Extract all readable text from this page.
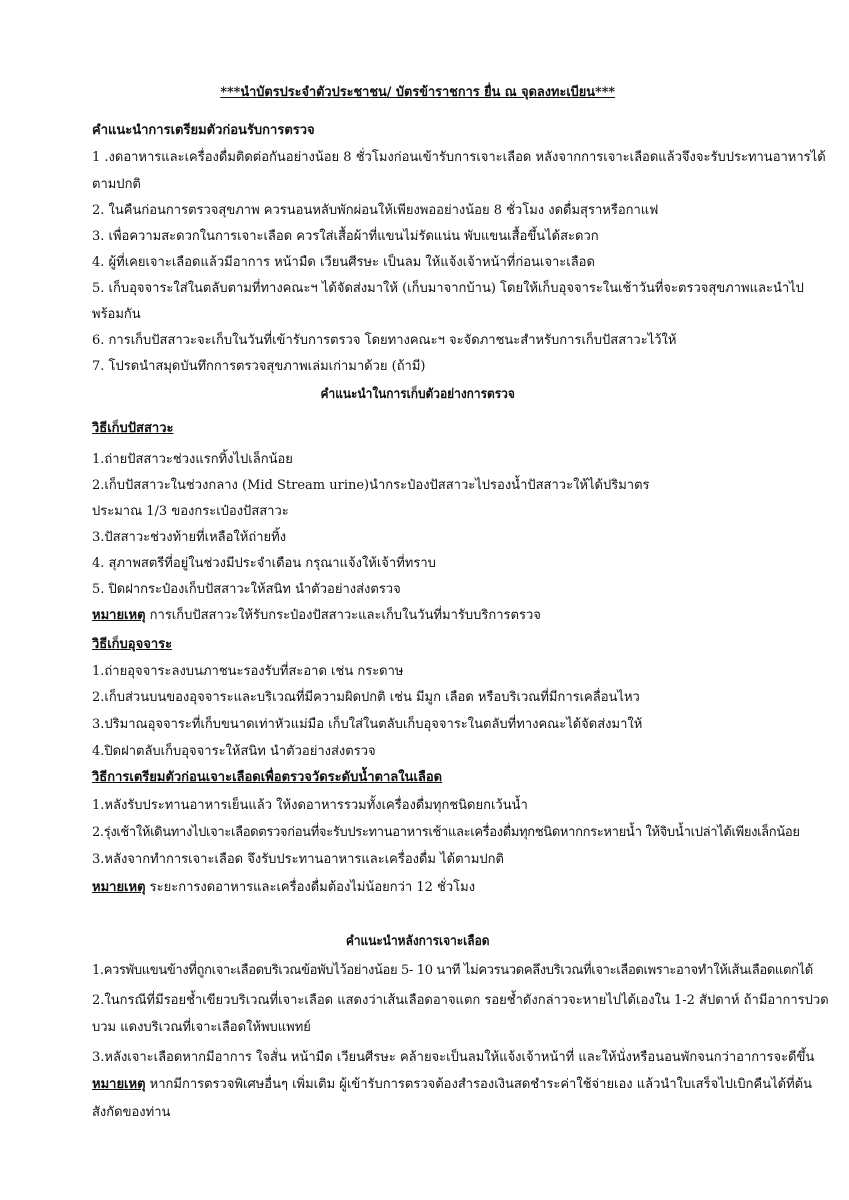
***นำบัตรประจำตัวประชาชน/ บัตรข้าราชการ ยื่น ณ จุดลงทะเบียน***

คำแนะนำการเตรียมตัวก่อนรับการตรวจ

1 .งดอาหารและเครื่องดื่มติดต่อกันอย่างน้อย 8 ชั่วโมงก่อนเข้ารับการเจาะเลือด หลังจากการเจาะเลือดแล้วจึงจะรับประทานอาหารได้

ตามปกติ

2. ในคืนก่อนการตรวจสุขภาพ ควรนอนหลับพักผ่อนให้เพียงพออย่างน้อย 8 ชั่วโมง งดดื่มสุราหรือกาแฟ

3. เพื่อความสะดวกในการเจาะเลือด ควรใส่เสื้อผ้าที่แขนไม่รัดแน่น พับแขนเสื้อขึ้นได้สะดวก

4. ผู้ที่เคยเจาะเลือดแล้วมีอาการ หน้ามืด เวียนศีรษะ เป็นลม ให้แจ้งเจ้าหน้าที่ก่อนเจาะเลือด

5. เก็บอุจจาระใส่ในตลับตามที่ทางคณะฯ ได้จัดส่งมาให้ (เก็บมาจากบ้าน) โดยให้เก็บอุจจาระในเช้าวันที่จะตรวจสุขภาพและนำไป

พร้อมกัน

6. การเก็บปัสสาวะจะเก็บในวันที่เข้ารับการตรวจ โดยทางคณะฯ จะจัดภาชนะสำหรับการเก็บปัสสาวะไว้ให้

7. โปรดนำสมุดบันทึกการตรวจสุขภาพเล่มเก่ามาด้วย (ถ้ามี)

คำแนะนำในการเก็บตัวอย่างการตรวจ

วิธีเก็บปัสสาวะ

1.ถ่ายปัสสาวะช่วงแรกทิ้งไปเล็กน้อย

2.เก็บปัสสาวะในช่วงกลาง (Mid Stream urine)นำกระป๋องปัสสาวะไปรองน้ำปัสสาวะให้ได้ปริมาตร

ประมาณ 1/3 ของกระเป๋องปัสสาวะ

3.ปัสสาวะช่วงท้ายที่เหลือให้ถ่ายทิ้ง

4. สุภาพสตรีที่อยู่ในช่วงมีประจำเดือน กรุณาแจ้งให้เจ้าที่ทราบ

5. ปิดฝากระป๋องเก็บปัสสาวะให้สนิท นำตัวอย่างส่งตรวจ

หมายเหตุ การเก็บปัสสาวะให้รับกระป๋องปัสสาวะและเก็บในวันที่มารับบริการตรวจ

วิธีเก็บอุจจาระ

1.ถ่ายอุจจาระลงบนภาชนะรองรับที่สะอาด เช่น กระดาษ

2.เก็บส่วนบนของอุจจาระและบริเวณที่มีความผิดปกติ เช่น มีมูก เลือด หรือบริเวณที่มีการเคลื่อนไหว

3.ปริมาณอุจจาระที่เก็บขนาดเท่าหัวแม่มือ เก็บใส่ในตลับเก็บอุจจาระในตลับที่ทางคณะได้จัดส่งมาให้

4.ปิดฝาตลับเก็บอุจจาระให้สนิท นำตัวอย่างส่งตรวจ

วิธีการเตรียมตัวก่อนเจาะเลือดเพื่อตรวจวัดระดับน้ำตาลในเลือด

1.หลังรับประทานอาหารเย็นแล้ว ให้งดอาหารรวมทั้งเครื่องดื่มทุกชนิดยกเว้นน้ำ

2.รุ่งเช้าให้เดินทางไปเจาะเลือดตรวจก่อนที่จะรับประทานอาหารเช้าและเครื่องดื่มทุกชนิดหากกระหายน้ำ ให้จิบน้ำเปล่าได้เพียงเล็กน้อย

3.หลังจากทำการเจาะเลือด จึงรับประทานอาหารและเครื่องดื่ม ได้ตามปกติ

หมายเหตุ ระยะการงดอาหารและเครื่องดื่มต้องไม่น้อยกว่า 12 ชั่วโมง

คำแนะนำหลังการเจาะเลือด

1.ควรพับแขนข้างที่ถูกเจาะเลือดบริเวณข้อพับไว้อย่างน้อย 5- 10 นาที ไม่ควรนวดคลึงบริเวณที่เจาะเลือดเพราะอาจทำให้เส้นเลือดแตกได้

2.ในกรณีที่มีรอยช้ำเขียวบริเวณที่เจาะเลือด แสดงว่าเส้นเลือดอาจแตก รอยช้ำดังกล่าวจะหายไปได้เองใน 1-2 สัปดาห์ ถ้ามีอาการปวด

บวม แดงบริเวณที่เจาะเลือดให้พบแพทย์

3.หลังเจาะเลือดหากมีอาการ ใจสั่น หน้ามืด เวียนศีรษะ คล้ายจะเป็นลมให้แจ้งเจ้าหน้าที่ และให้นั่งหรือนอนพักจนกว่าอาการจะดีขึ้น

หมายเหตุ หากมีการตรวจพิเศษอื่นๆ เพิ่มเติม ผู้เข้ารับการตรวจต้องสำรองเงินสดชำระค่าใช้จ่ายเอง แล้วนำใบเสร็จไปเบิกคืนได้ที่ต้น

สังกัดของท่าน
